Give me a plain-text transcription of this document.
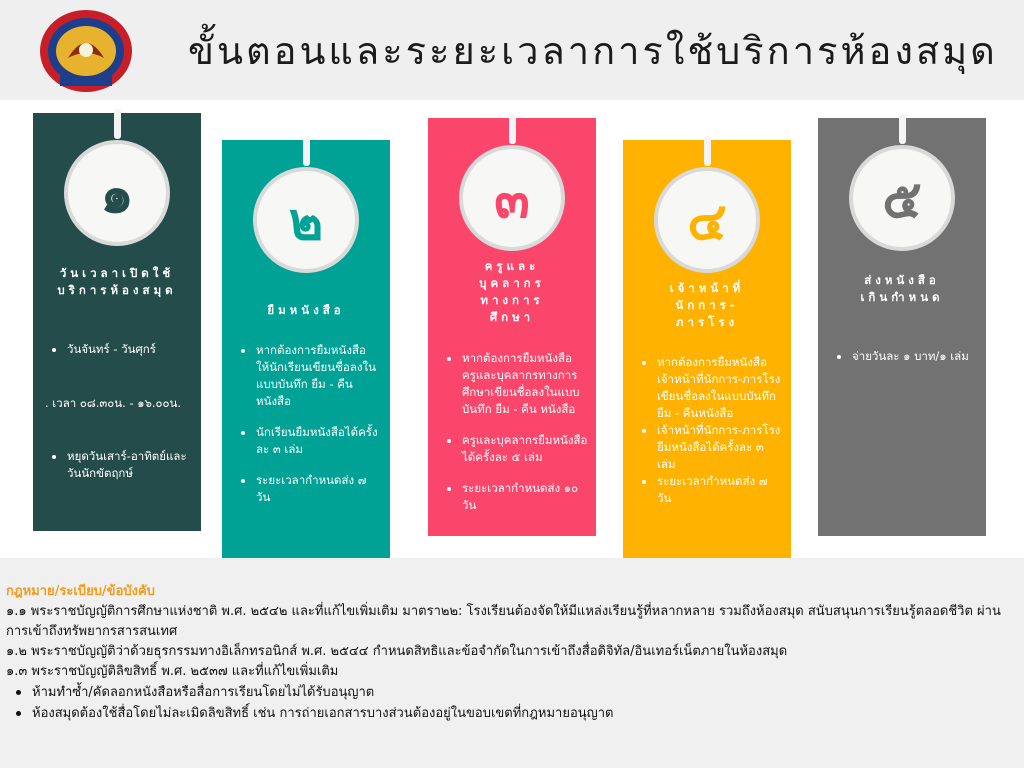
ขั้นตอนและระยะเวลาการใช้บริการห้องสมุด
๑
วันเวลาเปิดใช้บริการห้องสมุด
วันจันทร์ - วันศุกร์

. เวลา ๐๘.๓๐น. - ๑๖.๐๐น.

หยุดวันเสาร์-อาทิตย์และวันนักขัตฤกษ์
๒
ยืมหนังสือ
หากต้องการยืมหนังสือ ให้นักเรียนเขียนชื่อลงในแบบบันทึก ยืม - คืนหนังสือ
นักเรียนยืมหนังสือได้ครั้งละ ๓ เล่ม
ระยะเวลากำหนดส่ง ๗ วัน
๓
ครูและบุคลากรทางการศึกษา
หากต้องการยืมหนังสือ ครูและบุคลากรทางการศึกษาเขียนชื่อลงในแบบบันทึก ยืม - คืน หนังสือ
ครูและบุคลากรยืมหนังสือได้ครั้งละ ๕ เล่ม
ระยะเวลากำหนดส่ง ๑๐ วัน
๔
เจ้าหน้าที่นักการ-ภารโรง
หากต้องการยืมหนังสือเจ้าหน้าที่นักการ-ภารโรงเขียนชื่อลงในแบบบันทึก ยืม - คืนหนังสือ
เจ้าหน้าที่นักการ-ภารโรง ยืมหนังสือได้ครั้งละ ๓ เล่ม
ระยะเวลากำหนดส่ง ๗ วัน
๕
ส่งหนังสือเกินกำหนด
จ่ายวันละ ๑ บาท/๑ เล่ม
กฎหมาย/ระเบียบ/ข้อบังคับ
๑.๑ พระราชบัญญัติการศึกษาแห่งชาติ พ.ศ. ๒๕๔๒ และที่แก้ไขเพิ่มเติม มาตรา๒๒: โรงเรียนต้องจัดให้มีแหล่งเรียนรู้ที่หลากหลาย รวมถึงห้องสมุด สนับสนุนการเรียนรู้ตลอดชีวิต ผ่านการเข้าถึงทรัพยากรสารสนเทศ
๑.๒ พระราชบัญญัติว่าด้วยธุรกรรมทางอิเล็กทรอนิกส์ พ.ศ. ๒๕๔๔ กำหนดสิทธิและข้อจำกัดในการเข้าถึงสื่อดิจิทัล/อินเทอร์เน็ตภายในห้องสมุด
๑.๓ พระราชบัญญัติลิขสิทธิ์ พ.ศ. ๒๕๓๗ และที่แก้ไขเพิ่มเติม
ห้ามทำซ้ำ/คัดลอกหนังสือหรือสื่อการเรียนโดยไม่ได้รับอนุญาต
ห้องสมุดต้องใช้สื่อโดยไม่ละเมิดลิขสิทธิ์ เช่น การถ่ายเอกสารบางส่วนต้องอยู่ในขอบเขตที่กฎหมายอนุญาต
